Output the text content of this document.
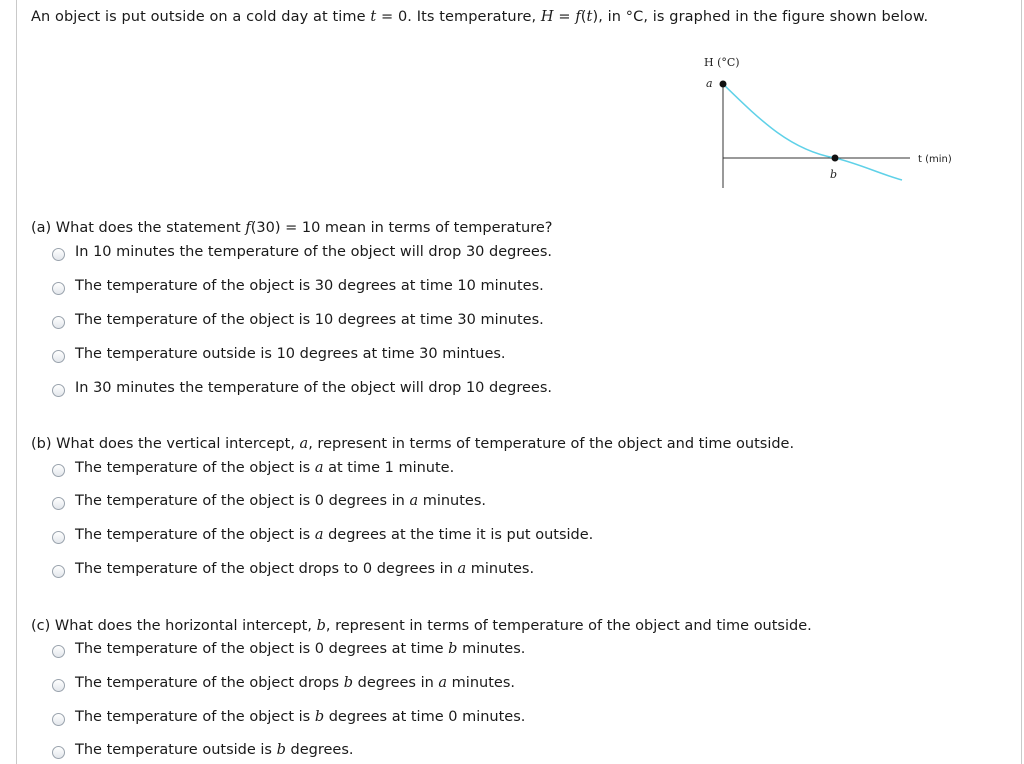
An object is put outside on a cold day at time t = 0. Its temperature, H = f(t), in °C, is graphed in the figure shown below.
H (°C)
a
b
t (min)
(a) What does the statement f(30) = 10 mean in terms of temperature?
In 10 minutes the temperature of the object will drop 30 degrees.
The temperature of the object is 30 degrees at time 10 minutes.
The temperature of the object is 10 degrees at time 30 minutes.
The temperature outside is 10 degrees at time 30 mintues.
In 30 minutes the temperature of the object will drop 10 degrees.
(b) What does the vertical intercept, a, represent in terms of temperature of the object and time outside.
The temperature of the object is a at time 1 minute.
The temperature of the object is 0 degrees in a minutes.
The temperature of the object is a degrees at the time it is put outside.
The temperature of the object drops to 0 degrees in a minutes.
(c) What does the horizontal intercept, b, represent in terms of temperature of the object and time outside.
The temperature of the object is 0 degrees at time b minutes.
The temperature of the object drops b degrees in a minutes.
The temperature of the object is b degrees at time 0 minutes.
The temperature outside is b degrees.
